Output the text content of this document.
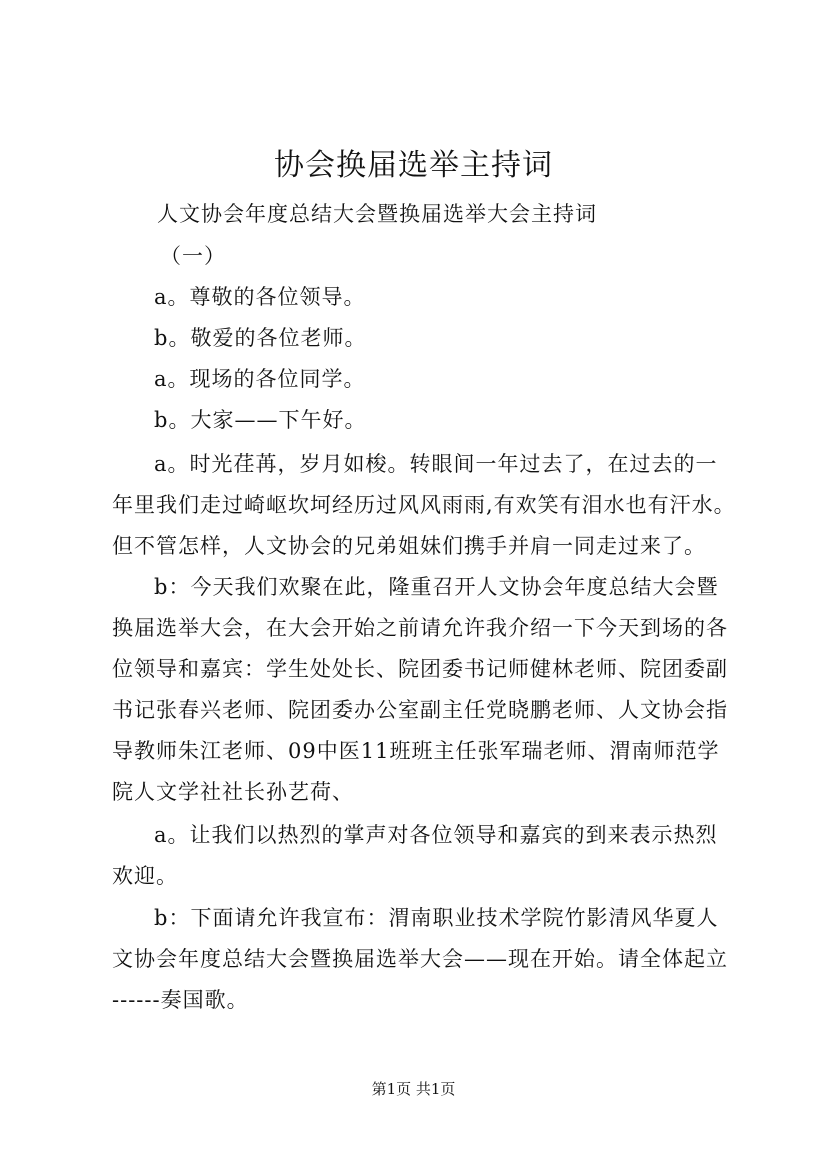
协会换届选举主持词
人文协会年度总结大会暨换届选举大会主持词
（一）
a。尊敬的各位领导。
b。敬爱的各位老师。
a。现场的各位同学。
b。大家——下午好。
a。时光荏苒，岁月如梭。转眼间一年过去了，在过去的一
年里我们走过崎岖坎坷经历过风风雨雨,有欢笑有泪水也有汗水。
但不管怎样，人文协会的兄弟姐妹们携手并肩一同走过来了。
b：今天我们欢聚在此，隆重召开人文协会年度总结大会暨
换届选举大会，在大会开始之前请允许我介绍一下今天到场的各
位领导和嘉宾：学生处处长、院团委书记师健林老师、院团委副
书记张春兴老师、院团委办公室副主任党晓鹏老师、人文协会指
导教师朱江老师、09中医11班班主任张军瑞老师、渭南师范学
院人文学社社长孙艺荷、
a。让我们以热烈的掌声对各位领导和嘉宾的到来表示热烈
欢迎。
b：下面请允许我宣布：渭南职业技术学院竹影清风华夏人
文协会年度总结大会暨换届选举大会——现在开始。请全体起立
------奏国歌。
第1页 共1页
